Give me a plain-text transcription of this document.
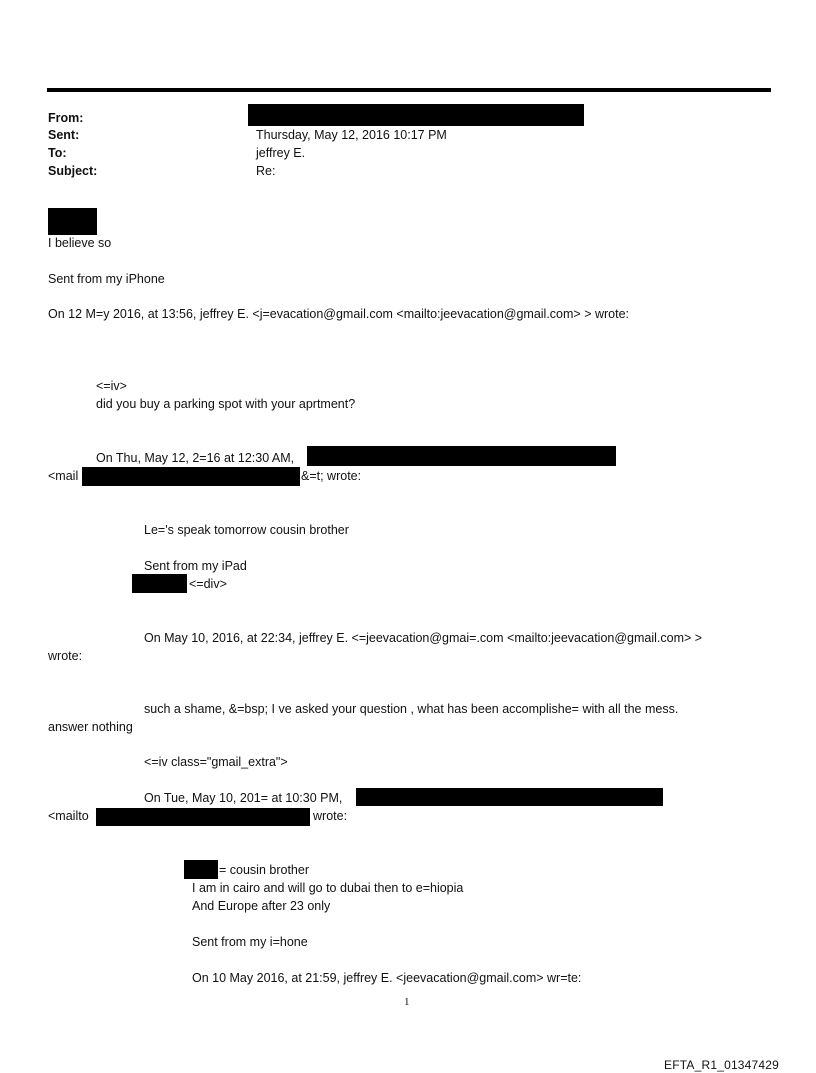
From:
Sent:	Thursday, May 12, 2016 10:17 PM
To:	jeffrey E.
Subject:	Re:
I believe so
Sent from my iPhone
On 12 M=y 2016, at 13:56, jeffrey E. <j=evacation@gmail.com <mailto:jeevacation@gmail.com> > wrote:
<=iv>
did you buy a parking spot with your aprtment?
On Thu, May 12, 2=16 at 12:30 AM,
<mail	&=t; wrote:
Le='s speak tomorrow cousin brother
Sent from my iPad
<=div>
On May 10, 2016, at 22:34, jeffrey E. <=jeevacation@gmai=.com <mailto:jeevacation@gmail.com> >
wrote:
such a shame, &=bsp; I ve asked your question , what has been accomplishe= with all the mess.
answer nothing
<=iv class="gmail_extra">
On Tue, May 10, 201= at 10:30 PM,
<mailto	wrote:
= cousin brother
I am in cairo and will go to dubai then to e=hiopia
And Europe after 23 only
Sent from my i=hone
On 10 May 2016, at 21:59, jeffrey E. <jeevacation@gmail.com> wr=te:
1
EFTA_R1_01347429
